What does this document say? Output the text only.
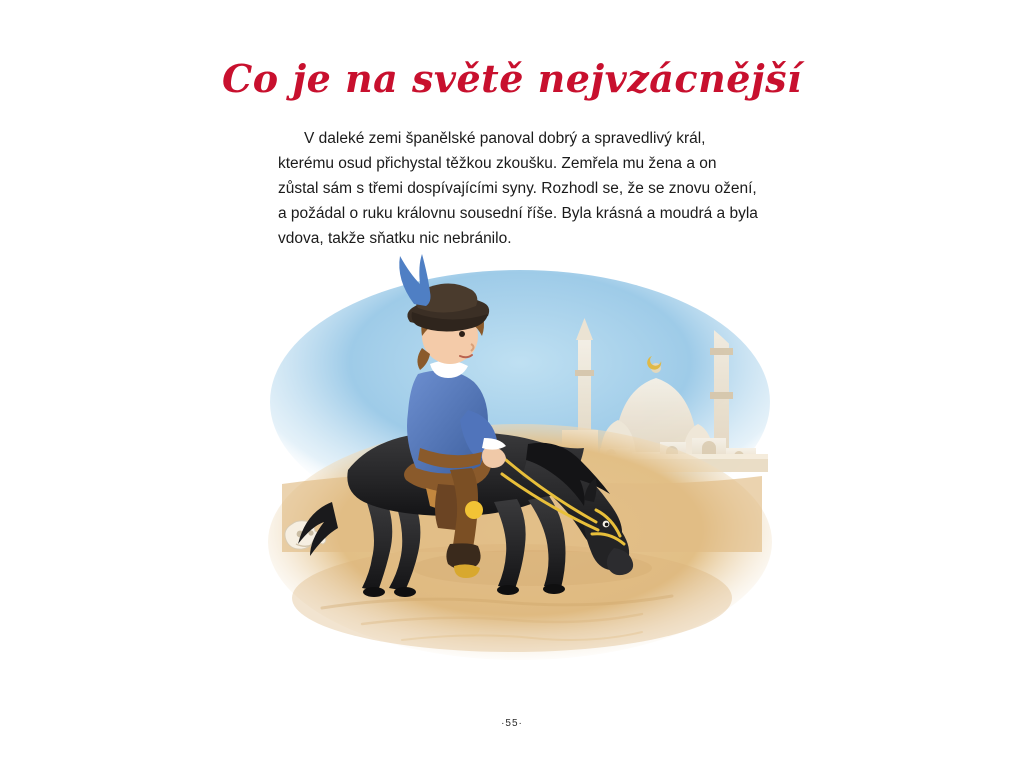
Co je na světě nejvzácnější

V daleké zemi španělské panoval dobrý a spravedlivý král, kterému osud přichystal těžkou zkoušku. Zemřela mu žena a on zůstal sám s třemi dospívajícími syny. Rozhodl se, že se znovu ožení, a požádal o ruku královnu sousední říše. Byla krásná a moudrá a byla vdova, takže sňatku nic nebránilo.

·55·
